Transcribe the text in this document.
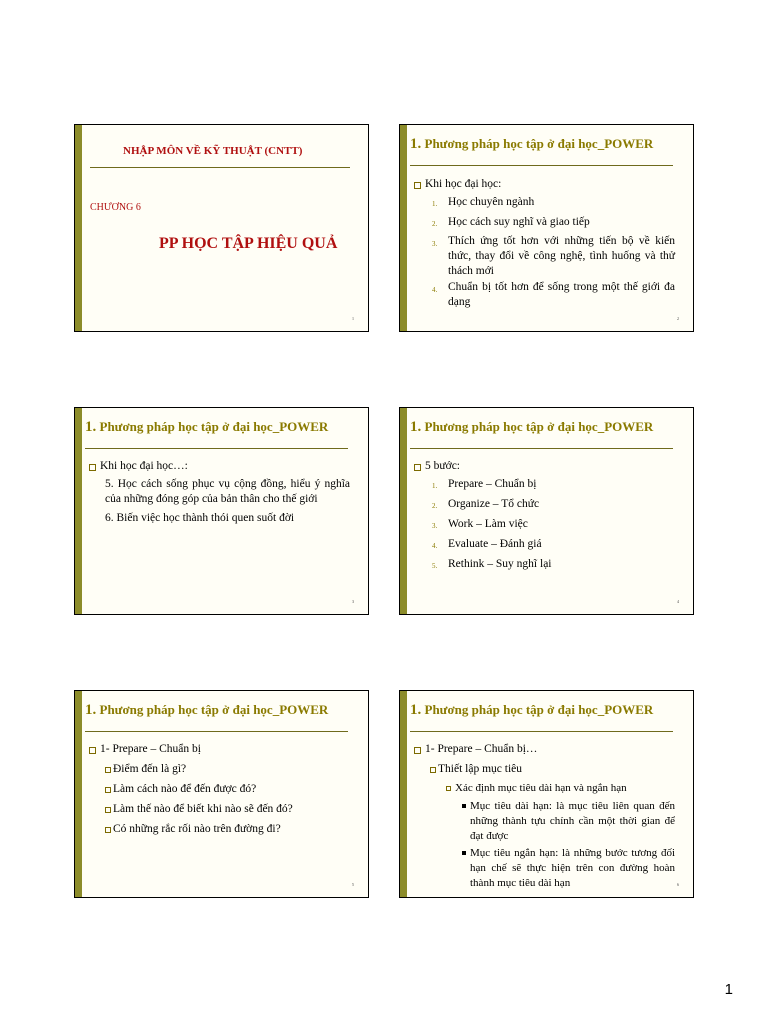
NHẬP MÔN VỀ KỸ THUẬT (CNTT)
CHƯƠNG 6
PP HỌC TẬP HIỆU QUẢ
1
1. Phương pháp học tập ở đại học_POWER
Khi học đại học:
1. Học chuyên ngành
2. Học cách suy nghĩ và giao tiếp
3. Thích ứng tốt hơn với những tiến bộ về kiến thức, thay đổi về công nghệ, tình huống và thử thách mới
4. Chuẩn bị tốt hơn để sống trong một thế giới đa dạng
2
1. Phương pháp học tập ở đại học_POWER
Khi học đại học…:
5. Học cách sống phục vụ cộng đồng, hiểu ý nghĩa của những đóng góp của bản thân cho thế giới
6. Biến việc học thành thói quen suốt đời
3
1. Phương pháp học tập ở đại học_POWER
5 bước:
1. Prepare – Chuẩn bị
2. Organize – Tổ chức
3. Work – Làm việc
4. Evaluate – Đánh giá
5. Rethink – Suy nghĩ lại
4
1. Phương pháp học tập ở đại học_POWER
1- Prepare – Chuẩn bị
Điểm đến là gì?
Làm cách nào để đến được đó?
Làm thế nào để biết khi nào sẽ đến đó?
Có những rắc rối nào trên đường đi?
5
1. Phương pháp học tập ở đại học_POWER
1- Prepare – Chuẩn bị…
Thiết lập mục tiêu
Xác định mục tiêu dài hạn và ngắn hạn
Mục tiêu dài hạn: là mục tiêu liên quan đến những thành tựu chính cần một thời gian để đạt được
Mục tiêu ngắn hạn: là những bước tương đối hạn chế sẽ thực hiện trên con đường hoàn thành mục tiêu dài hạn	6
1
